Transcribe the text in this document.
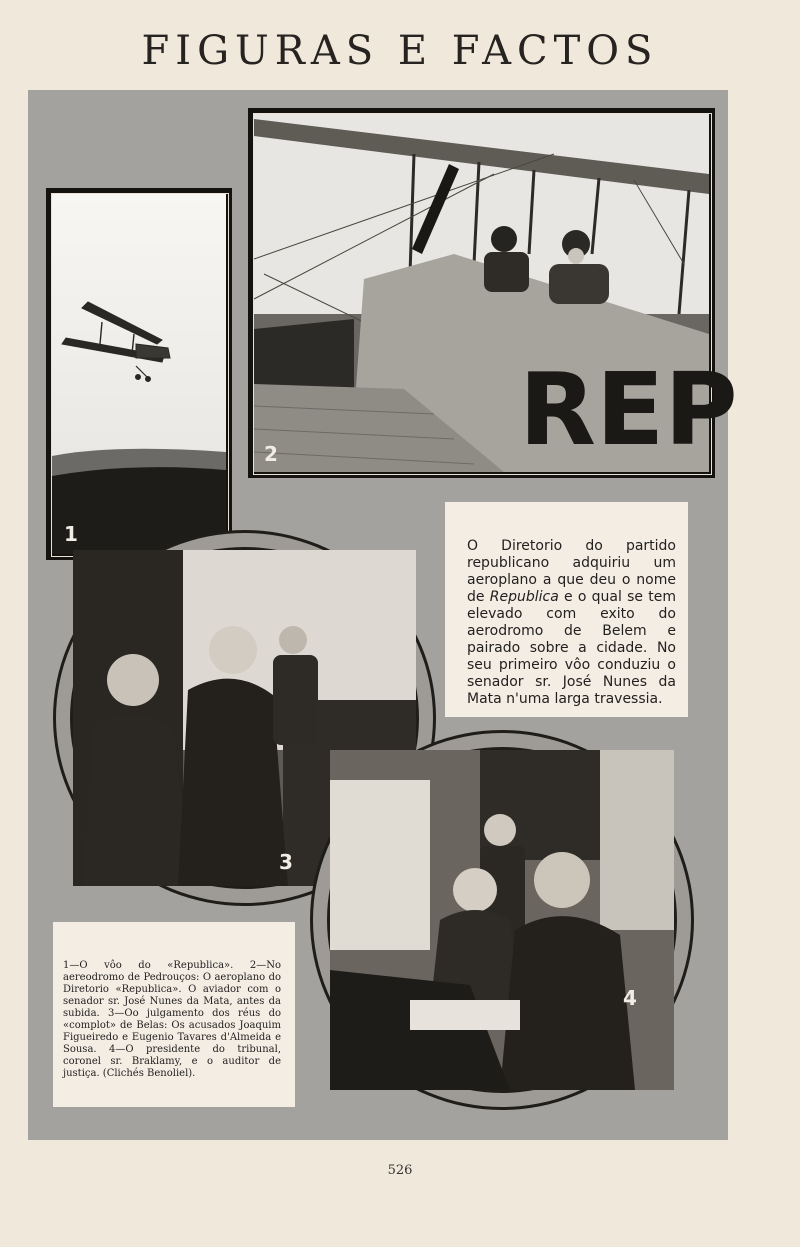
FIGURAS E FACTOS
1
REP
2
3
O Diretorio do partido republicano adquiriu um aeroplano a que deu o nome de Republica e o qual se tem elevado com exito do aerodromo de Belem e pairado sobre a cidade. No seu primeiro vôo conduziu o senador sr. José Nunes da Mata n'uma larga travessia.
4
1—O vôo do «Republica». 2—No aereodromo de Pedrouços: O aeroplano do Diretorio «Republica». O aviador com o senador sr. José Nunes da Mata, antes da subida. 3—Oo julgamento dos réus do «complot» de Belas: Os acusados Joaquim Figueiredo e Eugenio Tavares d'Almeida e Sousa. 4—O presidente do tribunal, coronel sr. Braklamy, e o auditor de justiça. (Clichés Benoliel).
526
